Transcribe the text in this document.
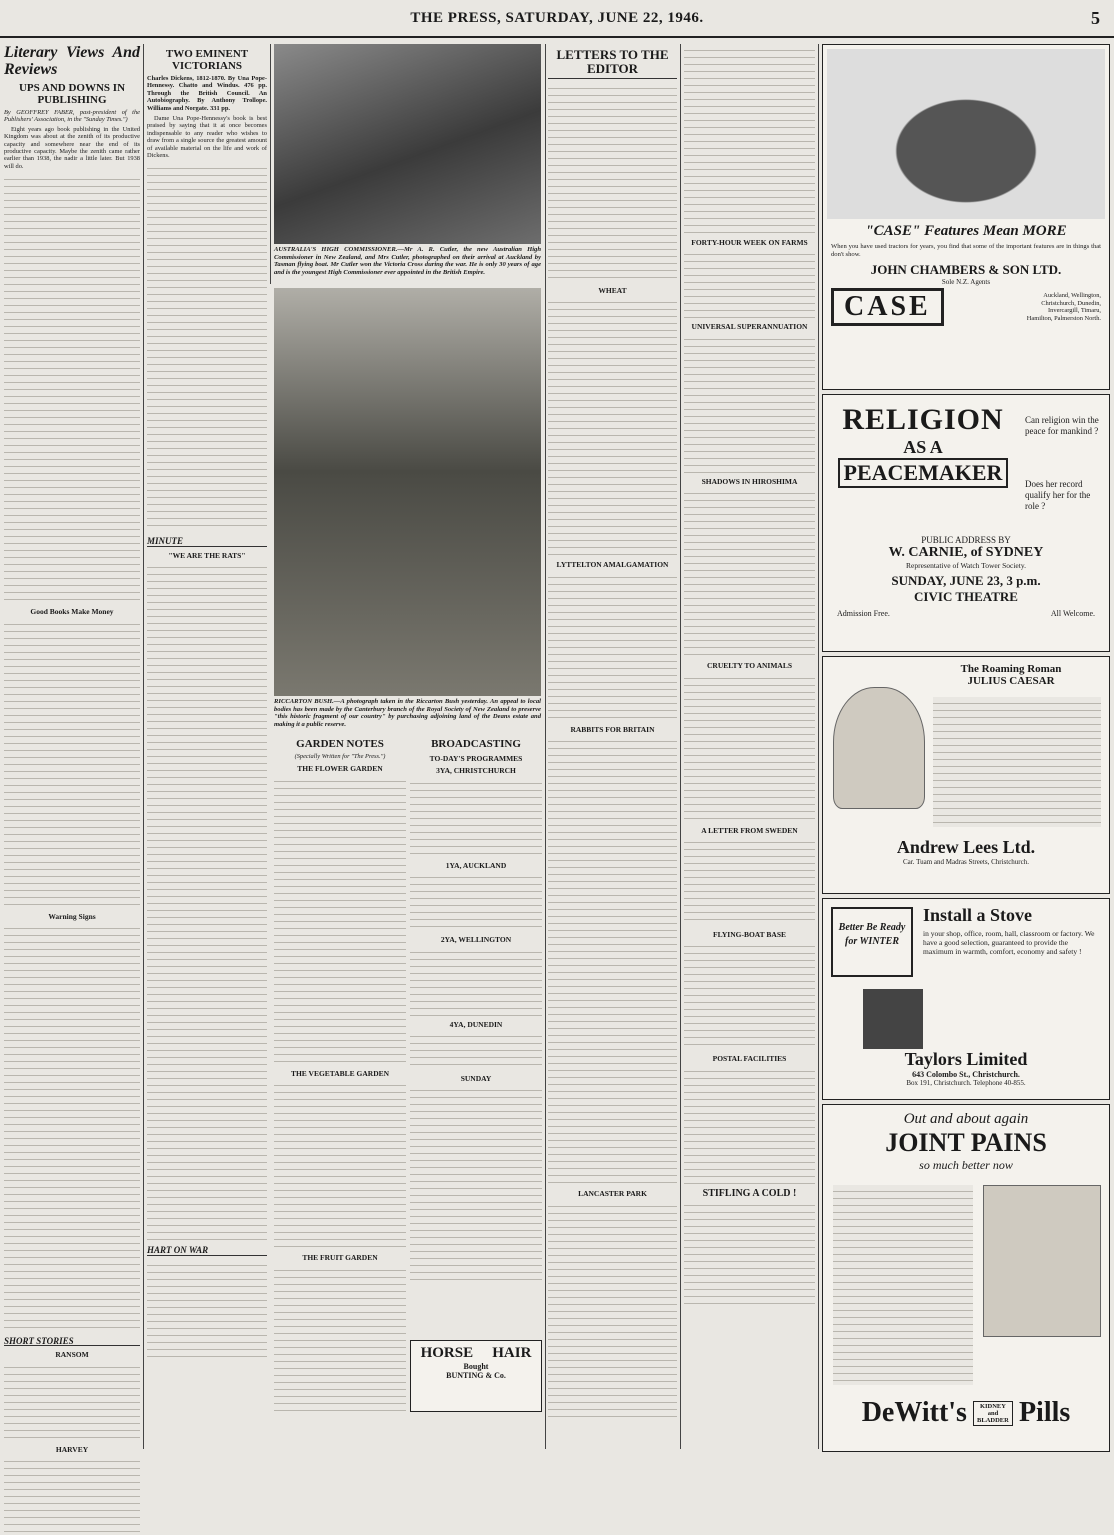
THE PRESS, SATURDAY, JUNE 22, 1946.	5
Literary Views And Reviews
UPS AND DOWNS IN PUBLISHING
By GEOFFREY FABER, past-president of the Publishers' Association, in the "Sunday Times.")

Eight years ago book publishing in the United Kingdom was about at the zenith of its productive capacity and somewhere near the end of its productive capacity. Maybe the zenith came rather earlier than 1938, the nadir a little later. But 1938 will do.

Good Books Make Money
Warning Signs
SHORT STORIES
RANSOM
HARVEY
TWO EMINENT VICTORIANS
Charles Dickens, 1812-1870. By Una Pope-Hennessy. Chatto and Windus. 476 pp. Through the British Council. An Autobiography. By Anthony Trollope. Williams and Norgate. 331 pp.

Dame Una Pope-Hennessy's book is best praised by saying that it at once becomes indispensable to any reader who wishes to draw from a single source the greatest amount of available material on the life and work of Dickens.

MINUTE
"WE ARE THE RATS"
HART ON WAR
AUSTRALIA'S HIGH COMMISSIONER.—Mr A. R. Cutler, the new Australian High Commissioner in New Zealand, and Mrs Cutler, photographed on their arrival at Auckland by Tasman flying boat. Mr Cutler won the Victoria Cross during the war. He is only 30 years of age and is the youngest High Commissioner ever appointed in the British Empire.
RICCARTON BUSH.—A photograph taken in the Riccarton Bush yesterday. An appeal to local bodies has been made by the Canterbury branch of the Royal Society of New Zealand to preserve "this historic fragment of our country" by purchasing adjoining land of the Deans estate and making it a public reserve.
GARDEN NOTES
(Specially Written for "The Press.")
THE FLOWER GARDEN
THE VEGETABLE GARDEN
THE FRUIT GARDEN
BROADCASTING
TO-DAY'S PROGRAMMES
3YA, CHRISTCHURCH
1YA, AUCKLAND
2YA, WELLINGTON
4YA, DUNEDIN
SUNDAY
HORSE HAIR
Bought
BUNTING & Co.
LETTERS TO THE EDITOR
WHEAT
LYTTELTON AMALGAMATION
RABBITS FOR BRITAIN
LANCASTER PARK
FORTY-HOUR WEEK ON FARMS
UNIVERSAL SUPERANNUATION
SHADOWS IN HIROSHIMA
CRUELTY TO ANIMALS
A LETTER FROM SWEDEN
FLYING-BOAT BASE
POSTAL FACILITIES
STIFLING A COLD !
"CASE" Features Mean MORE
When you have used tractors for years, you find that some of the important features are in things that don't show.
JOHN CHAMBERS & SON LTD.
Sole N.Z. Agents
CASE	Auckland, Wellington, Christchurch, Dunedin, Invercargill, Timaru, Hamilton, Palmerston North.
RELIGION
AS A
PEACEMAKER
Can religion win the peace for mankind ?
Does her record qualify her for the role ?
PUBLIC ADDRESS BY
W. CARNIE, of SYDNEY
Representative of Watch Tower Society.
SUNDAY, JUNE 23, 3 p.m.
CIVIC THEATRE
Admission Free.	All Welcome.
The Roaming Roman
JULIUS CAESAR
Andrew Lees Ltd.
Car. Tuam and Madras Streets, Christchurch.
Better Be Ready for WINTER
Install a Stove
in your shop, office, room, hall, classroom or factory. We have a good selection, guaranteed to provide the maximum in warmth, comfort, economy and safety !
Taylors Limited
643 Colombo St., Christchurch.
Box 191, Christchurch. Telephone 40-855.
Out and about again
JOINT PAINS
so much better now
DeWitt's	KIDNEY and BLADDER Pills
